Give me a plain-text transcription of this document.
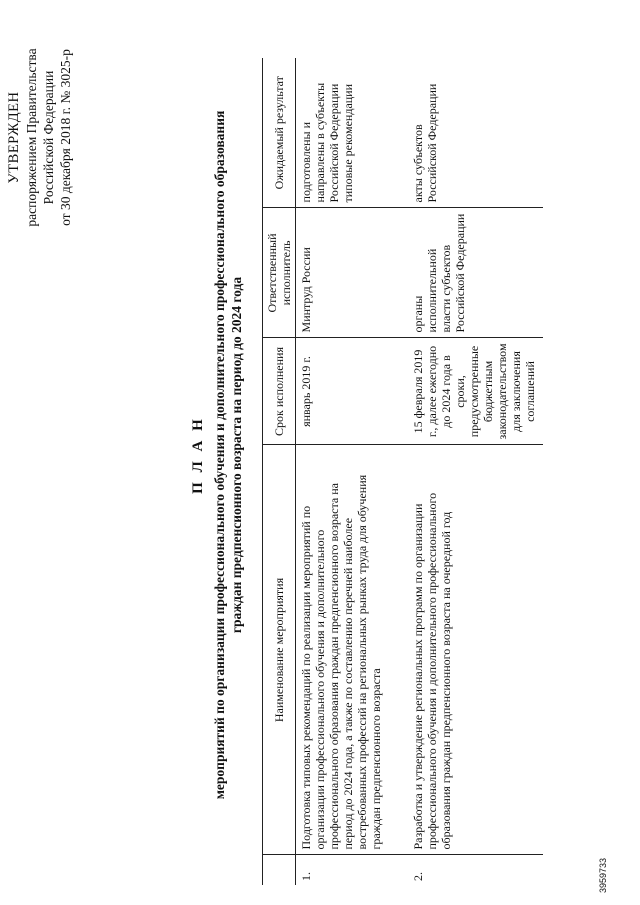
УТВЕРЖДЕН распоряжением Правительства Российской Федерации от 30 декабря 2018 г. № 3025-р
П Л А Н мероприятий по организации профессионального обучения и дополнительного профессионального образования граждан предпенсионного возраста на период до 2024 года
	Наименование мероприятия	Срок исполнения	Ответственный исполнитель	Ожидаемый результат
1.	Подготовка типовых рекомендаций по реализации мероприятий по организации профессионального обучения и дополнительного профессионального образования граждан предпенсионного возраста на период до 2024 года, а также по составлению перечней наиболее востребованных профессий на региональных рынках труда для обучения граждан предпенсионного возраста	январь 2019 г.	Минтруд России	подготовлены и направлены в субъекты Российской Федерации типовые рекомендации
2.	Разработка и утверждение региональных программ по организации профессионального обучения и дополнительного профессионального образования граждан предпенсионного возраста на очередной год	15 февраля 2019 г., далее ежегодно до 2024 года в сроки, предусмотренные бюджетным законодательством для заключения соглашений	органы исполнительной власти субъектов Российской Федерации	акты субъектов Российской Федерации
3959733
